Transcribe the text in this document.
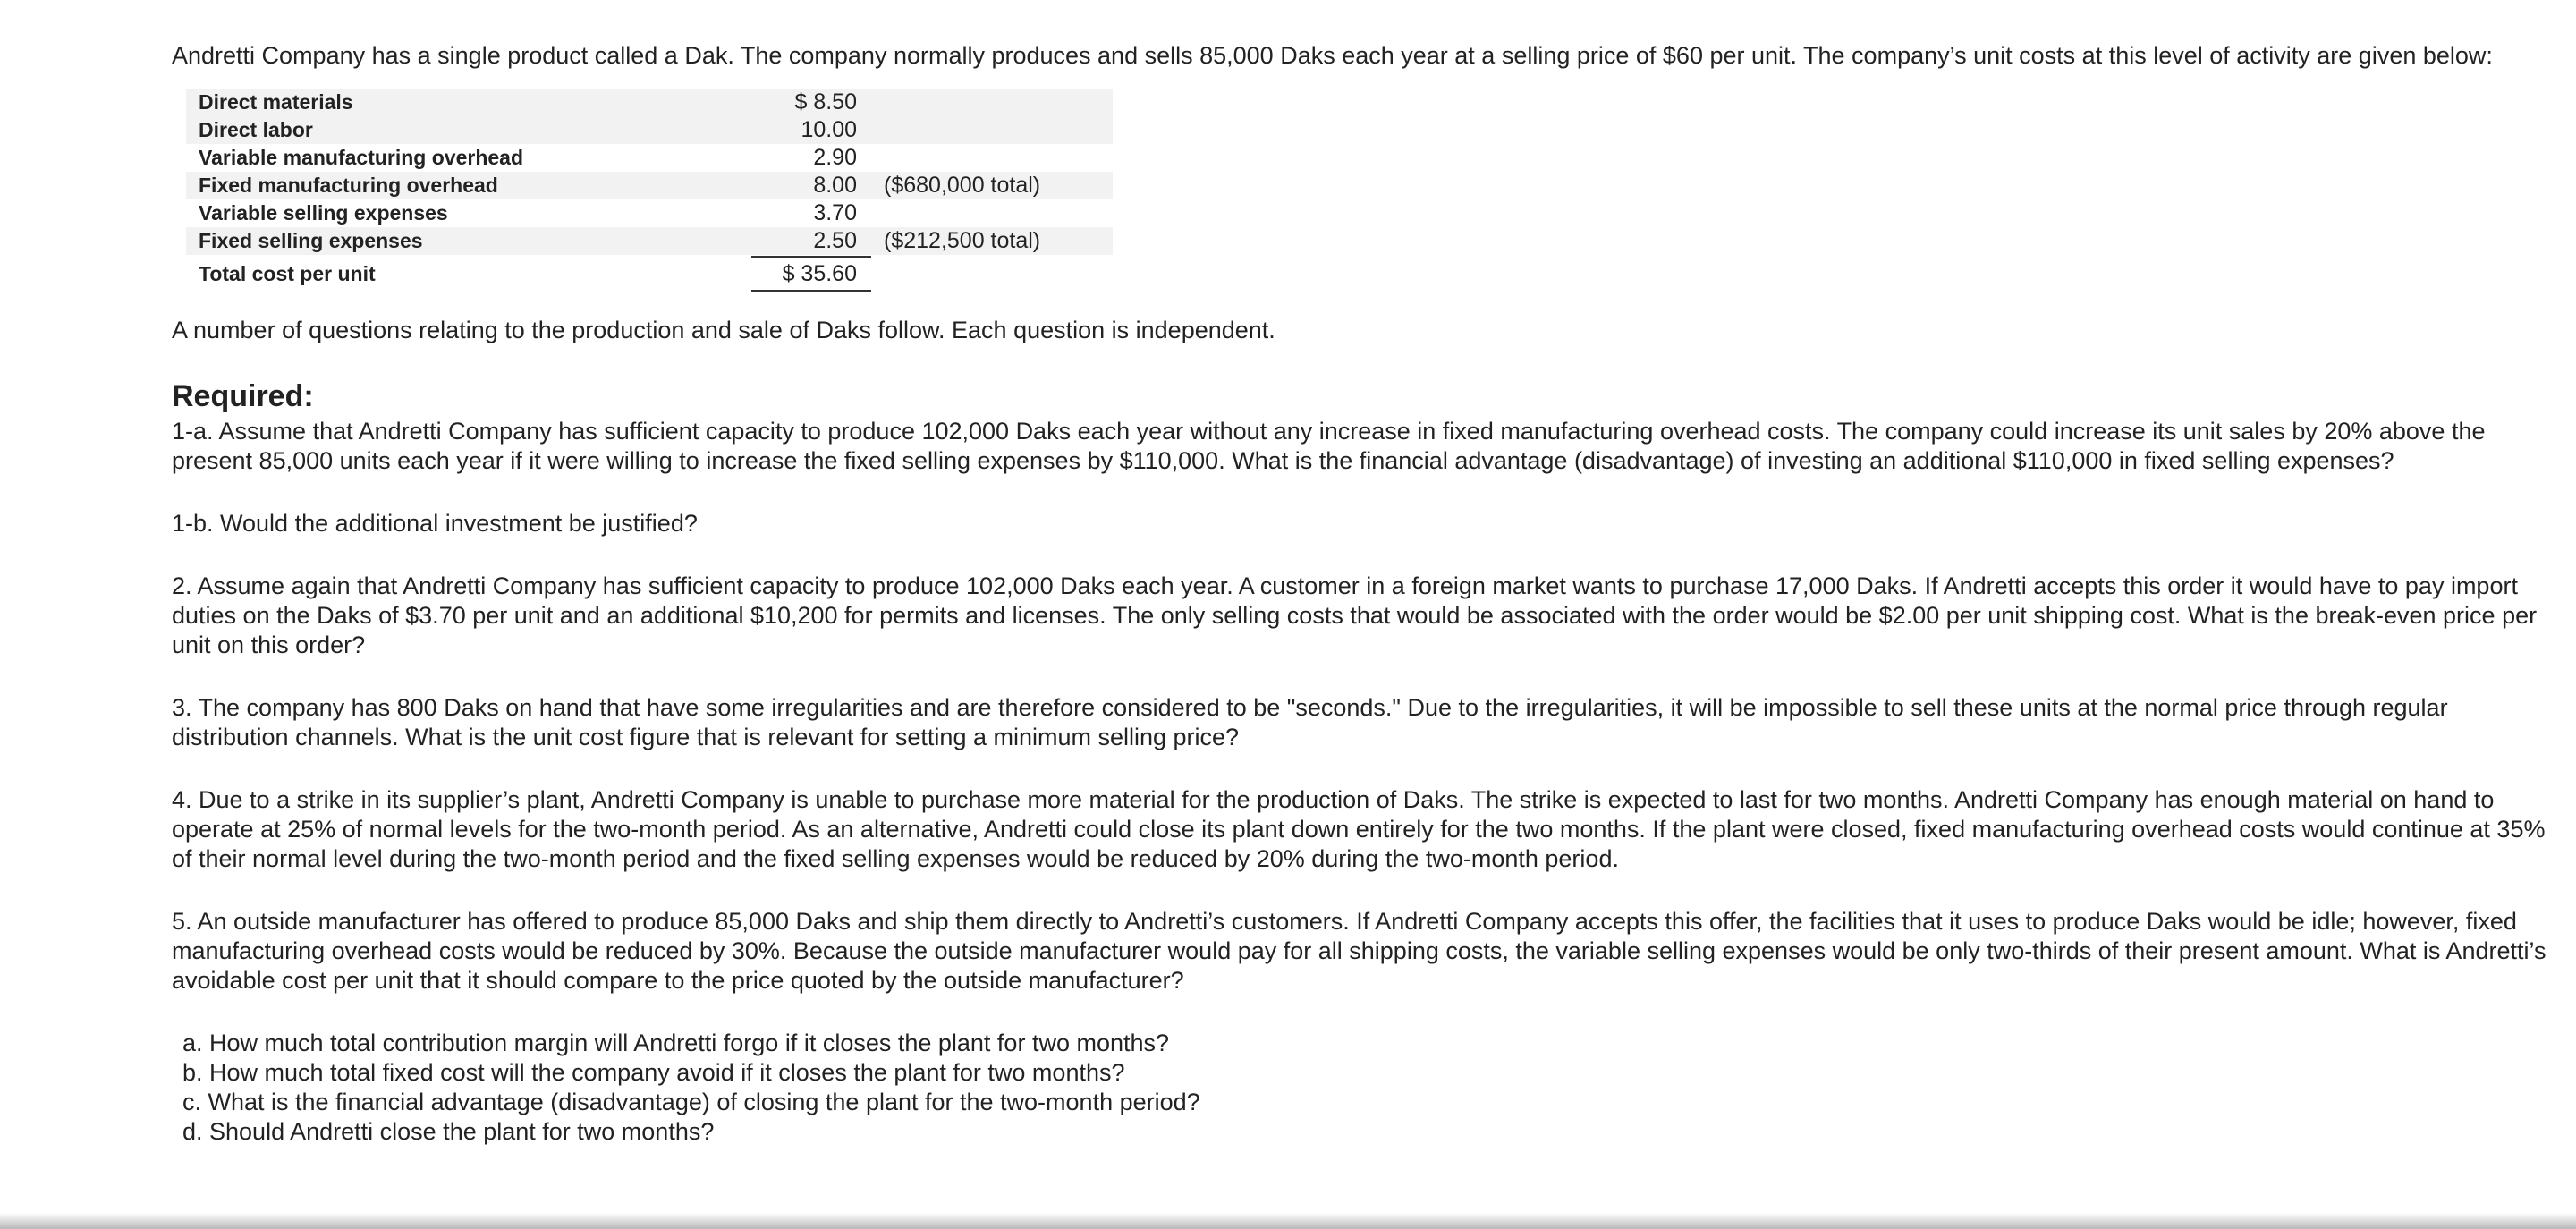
Andretti Company has a single product called a Dak. The company normally produces and sells 85,000 Daks each year at a selling price of $60 per unit. The company’s unit costs at this level of activity are given below:

Direct materials	$ 8.50	
Direct labor	10.00	
Variable manufacturing overhead	2.90	
Fixed manufacturing overhead	8.00	($680,000 total)
Variable selling expenses	3.70	
Fixed selling expenses	2.50	($212,500 total)
Total cost per unit	$ 35.60	

A number of questions relating to the production and sale of Daks follow. Each question is independent.

Required:

1-a. Assume that Andretti Company has sufficient capacity to produce 102,000 Daks each year without any increase in fixed manufacturing overhead costs. The company could increase its unit sales by 20% above the present 85,000 units each year if it were willing to increase the fixed selling expenses by $110,000. What is the financial advantage (disadvantage) of investing an additional $110,000 in fixed selling expenses?

1-b. Would the additional investment be justified?

2. Assume again that Andretti Company has sufficient capacity to produce 102,000 Daks each year. A customer in a foreign market wants to purchase 17,000 Daks. If Andretti accepts this order it would have to pay import duties on the Daks of $3.70 per unit and an additional $10,200 for permits and licenses. The only selling costs that would be associated with the order would be $2.00 per unit shipping cost. What is the break-even price per unit on this order?

3. The company has 800 Daks on hand that have some irregularities and are therefore considered to be "seconds." Due to the irregularities, it will be impossible to sell these units at the normal price through regular distribution channels. What is the unit cost figure that is relevant for setting a minimum selling price?

4. Due to a strike in its supplier’s plant, Andretti Company is unable to purchase more material for the production of Daks. The strike is expected to last for two months. Andretti Company has enough material on hand to operate at 25% of normal levels for the two-month period. As an alternative, Andretti could close its plant down entirely for the two months. If the plant were closed, fixed manufacturing overhead costs would continue at 35% of their normal level during the two-month period and the fixed selling expenses would be reduced by 20% during the two-month period.

5. An outside manufacturer has offered to produce 85,000 Daks and ship them directly to Andretti’s customers. If Andretti Company accepts this offer, the facilities that it uses to produce Daks would be idle; however, fixed manufacturing overhead costs would be reduced by 30%. Because the outside manufacturer would pay for all shipping costs, the variable selling expenses would be only two-thirds of their present amount. What is Andretti’s avoidable cost per unit that it should compare to the price quoted by the outside manufacturer?

a. How much total contribution margin will Andretti forgo if it closes the plant for two months?
b. How much total fixed cost will the company avoid if it closes the plant for two months?
c. What is the financial advantage (disadvantage) of closing the plant for the two-month period?
d. Should Andretti close the plant for two months?
